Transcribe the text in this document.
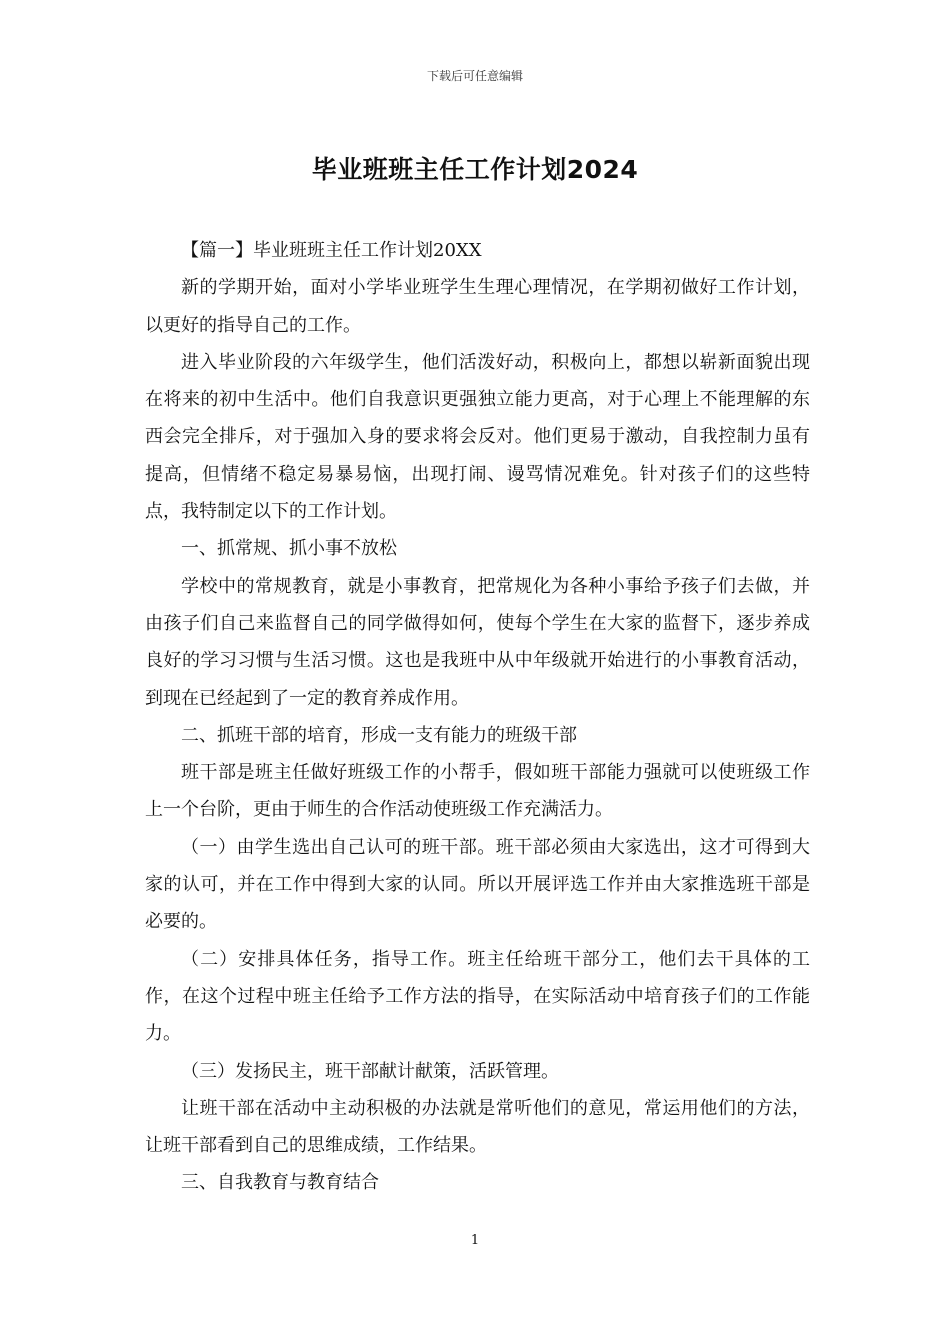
下载后可任意编辑
毕业班班主任工作计划2024

【篇一】毕业班班主任工作计划20XX

新的学期开始，面对小学毕业班学生生理心理情况，在学期初做好工作计划，以更好的指导自己的工作。

进入毕业阶段的六年级学生，他们活泼好动，积极向上，都想以崭新面貌出现在将来的初中生活中。他们自我意识更强独立能力更高，对于心理上不能理解的东西会完全排斥，对于强加入身的要求将会反对。他们更易于激动，自我控制力虽有提高，但情绪不稳定易暴易恼，出现打闹、谩骂情况难免。针对孩子们的这些特点，我特制定以下的工作计划。

一、抓常规、抓小事不放松

学校中的常规教育，就是小事教育，把常规化为各种小事给予孩子们去做，并由孩子们自己来监督自己的同学做得如何，使每个学生在大家的监督下，逐步养成良好的学习习惯与生活习惯。这也是我班中从中年级就开始进行的小事教育活动，到现在已经起到了一定的教育养成作用。

二、抓班干部的培育，形成一支有能力的班级干部

班干部是班主任做好班级工作的小帮手，假如班干部能力强就可以使班级工作上一个台阶，更由于师生的合作活动使班级工作充满活力。

（一）由学生选出自己认可的班干部。班干部必须由大家选出，这才可得到大家的认可，并在工作中得到大家的认同。所以开展评选工作并由大家推选班干部是必要的。

（二）安排具体任务，指导工作。班主任给班干部分工，他们去干具体的工作，在这个过程中班主任给予工作方法的指导，在实际活动中培育孩子们的工作能力。

（三）发扬民主，班干部献计献策，活跃管理。

让班干部在活动中主动积极的办法就是常听他们的意见，常运用他们的方法，让班干部看到自己的思维成绩，工作结果。

三、自我教育与教育结合

1
